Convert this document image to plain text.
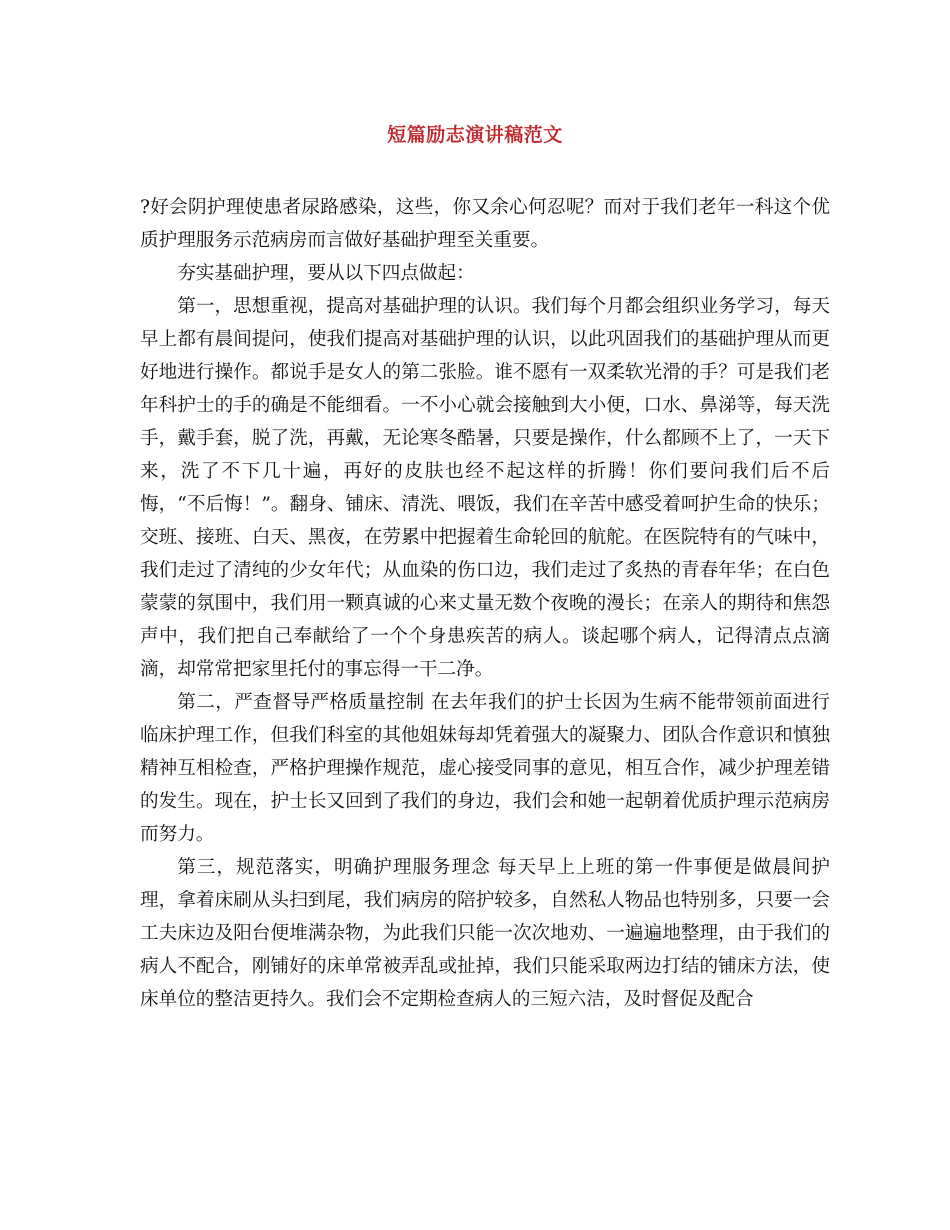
短篇励志演讲稿范文

?好会阴护理使患者尿路感染，这些，你又余心何忍呢？而对于我们老年一科这个优质护理服务示范病房而言做好基础护理至关重要。

夯实基础护理，要从以下四点做起：

第一，思想重视，提高对基础护理的认识。我们每个月都会组织业务学习，每天早上都有晨间提问，使我们提高对基础护理的认识，以此巩固我们的基础护理从而更好地进行操作。都说手是女人的第二张脸。谁不愿有一双柔软光滑的手？可是我们老年科护士的手的确是不能细看。一不小心就会接触到大小便，口水、鼻涕等，每天洗手，戴手套，脱了洗，再戴，无论寒冬酷暑，只要是操作，什么都顾不上了，一天下来，洗了不下几十遍，再好的皮肤也经不起这样的折腾！你们要问我们后不后悔，“不后悔！”。翻身、铺床、清洗、喂饭，我们在辛苦中感受着呵护生命的快乐；交班、接班、白天、黑夜，在劳累中把握着生命轮回的航舵。在医院特有的气味中，我们走过了清纯的少女年代；从血染的伤口边，我们走过了炙热的青春年华；在白色蒙蒙的氛围中，我们用一颗真诚的心来丈量无数个夜晚的漫长；在亲人的期待和焦怨声中，我们把自己奉献给了一个个身患疾苦的病人。谈起哪个病人，记得清点点滴滴，却常常把家里托付的事忘得一干二净。

第二，严查督导严格质量控制 在去年我们的护士长因为生病不能带领前面进行临床护理工作，但我们科室的其他姐妹每却凭着强大的凝聚力、团队合作意识和慎独精神互相检查，严格护理操作规范，虚心接受同事的意见，相互合作，减少护理差错的发生。现在，护士长又回到了我们的身边，我们会和她一起朝着优质护理示范病房而努力。

第三，规范落实，明确护理服务理念 每天早上上班的第一件事便是做晨间护理，拿着床刷从头扫到尾，我们病房的陪护较多，自然私人物品也特别多，只要一会工夫床边及阳台便堆满杂物，为此我们只能一次次地劝、一遍遍地整理，由于我们的病人不配合，刚铺好的床单常被弄乱或扯掉，我们只能采取两边打结的铺床方法，使床单位的整洁更持久。我们会不定期检查病人的三短六洁，及时督促及配合
